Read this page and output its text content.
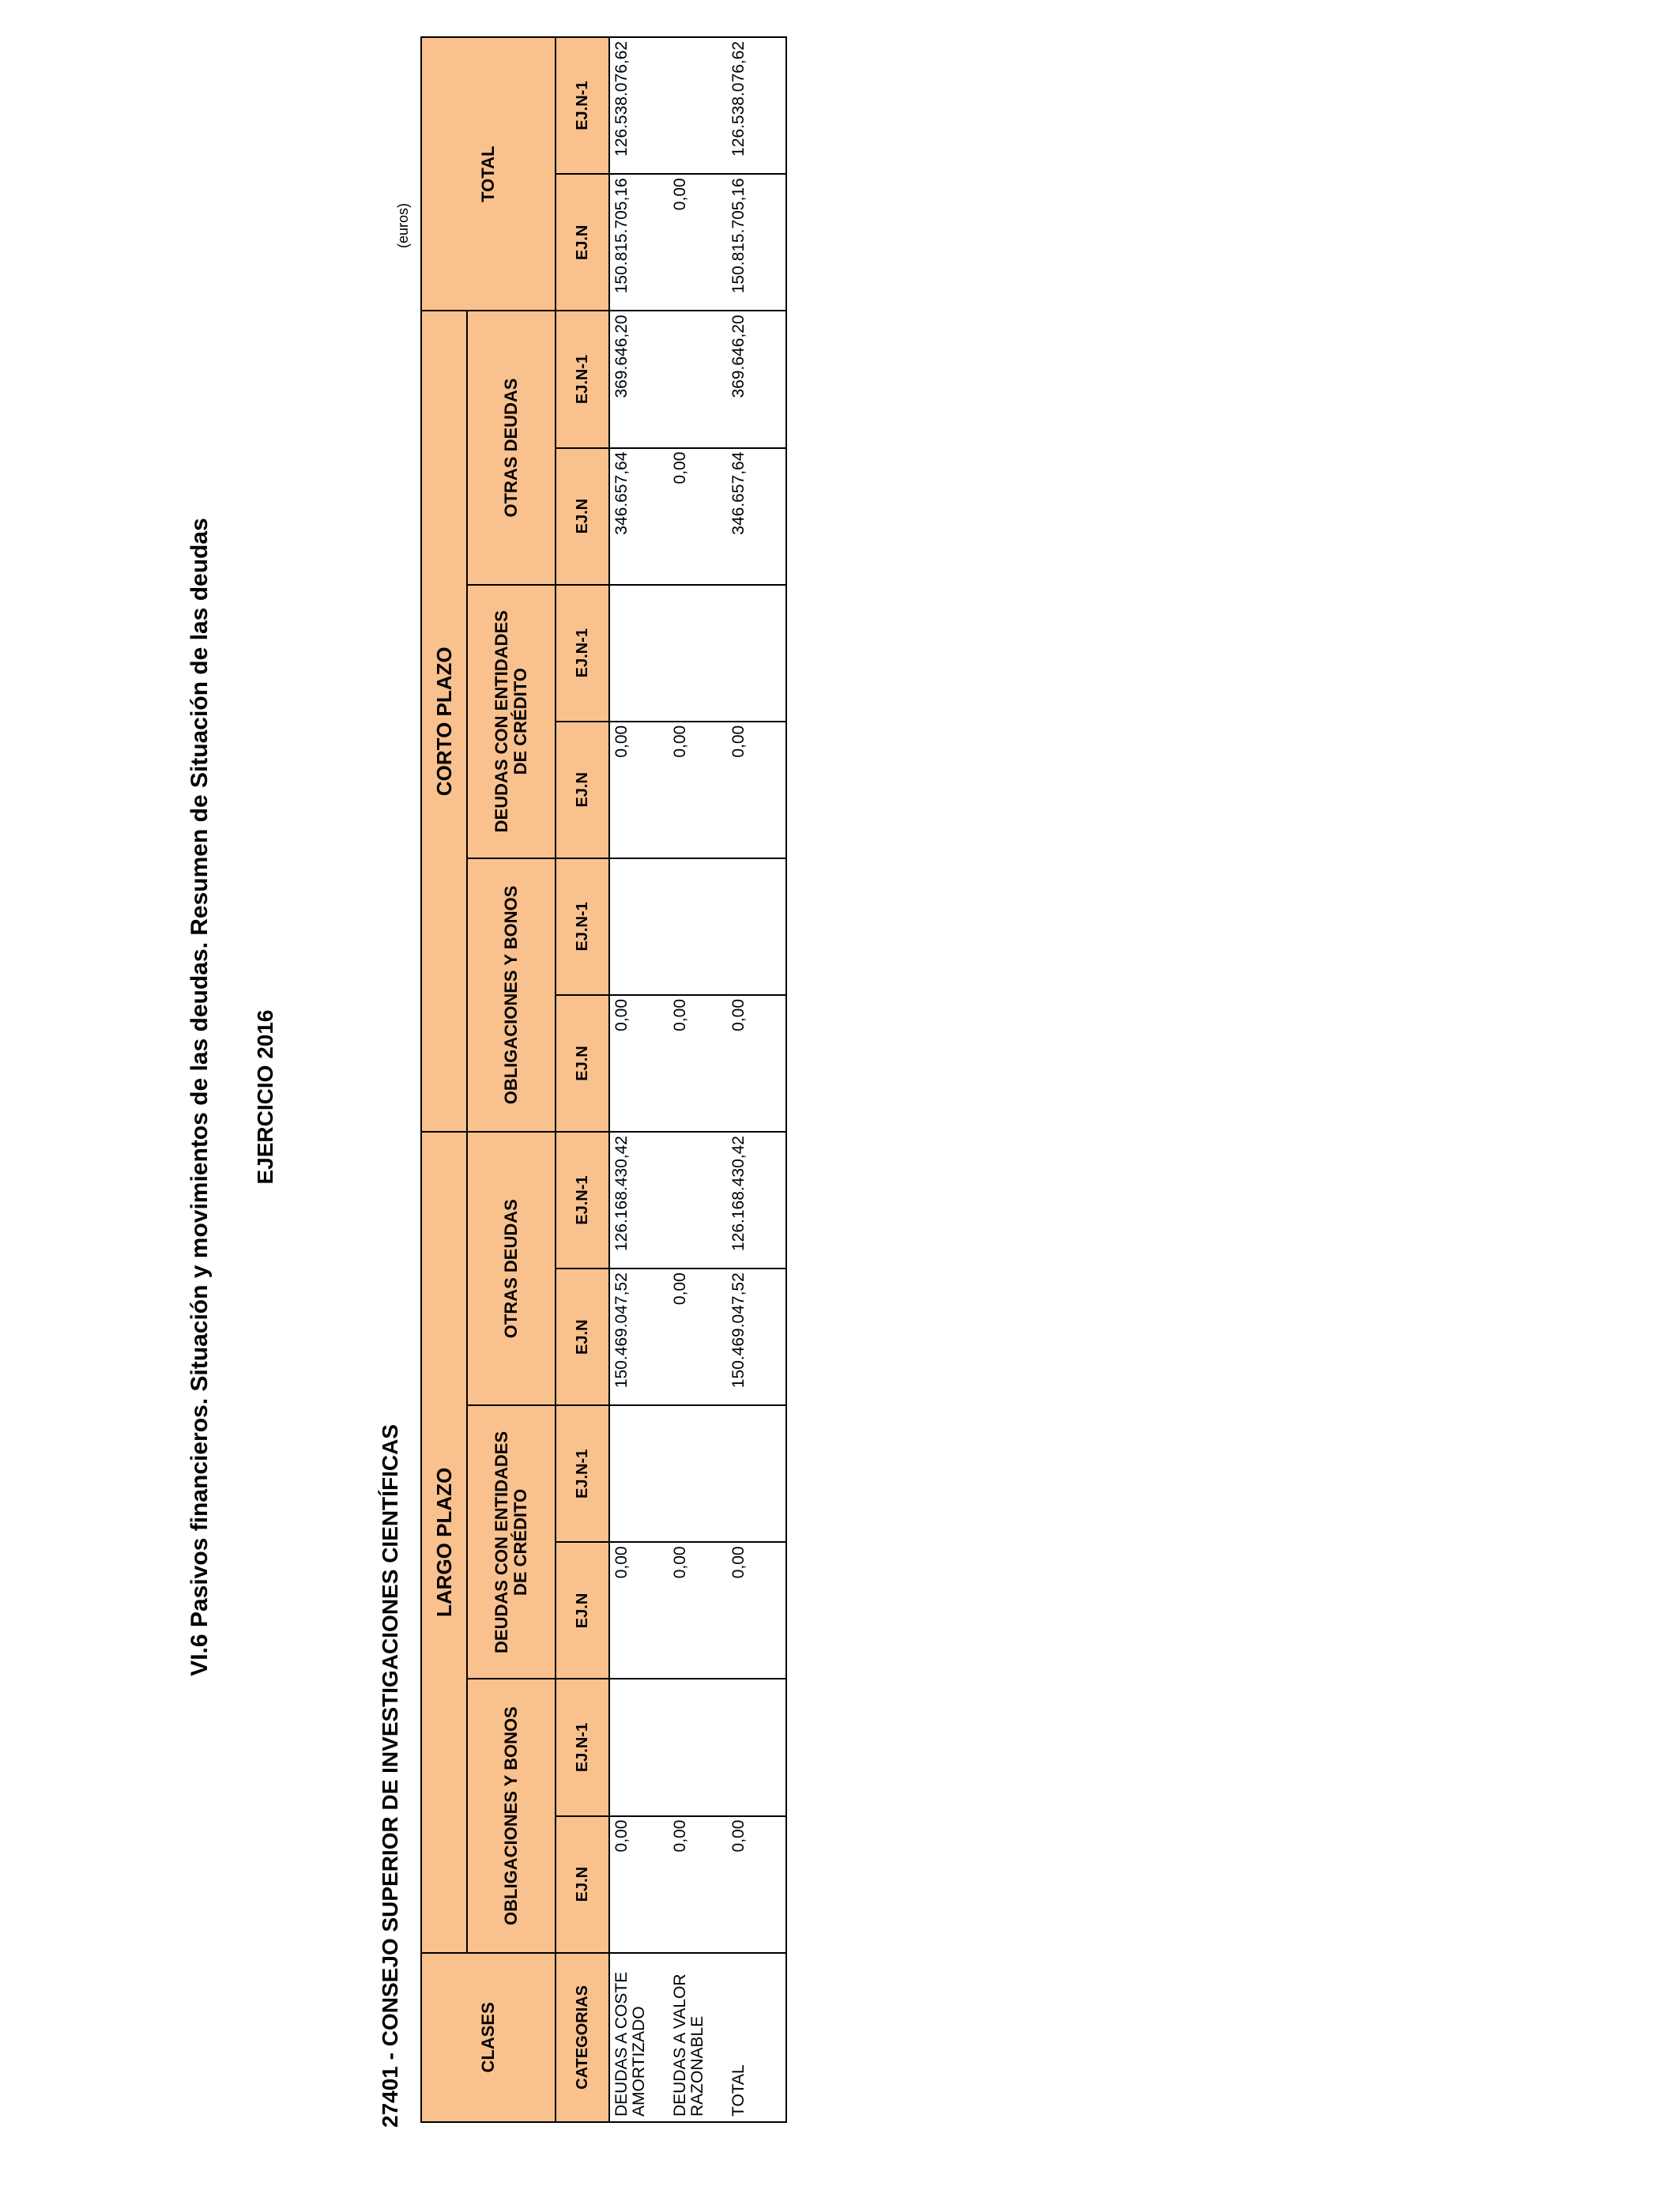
VI.6 Pasivos financieros. Situación y movimientos de las deudas. Resumen de Situación de las deudas EJERCICIO 2016
27401 - CONSEJO SUPERIOR DE INVESTIGACIONES CIENTÍFICAS
(euros)
CLASES	LARGO PLAZO						CORTO PLAZO						TOTAL	

	OBLIGACIONES Y BONOS		DEUDAS CON ENTIDADES DE CRÉDITO		OTRAS DEUDAS		OBLIGACIONES Y BONOS		DEUDAS CON ENTIDADES DE CRÉDITO		OTRAS DEUDAS			

CATEGORIAS	EJ.N	EJ.N-1	EJ.N	EJ.N-1	EJ.N	EJ.N-1	EJ.N	EJ.N-1	EJ.N	EJ.N-1	EJ.N	EJ.N-1	EJ.N	EJ.N-1
DEUDAS A COSTE AMORTIZADO	0,00		0,00		150.469.047,52	126.168.430,42	0,00		0,00		346.657,64	369.646,20	150.815.705,16	126.538.076,62
DEUDAS A VALOR RAZONABLE	0,00		0,00		0,00		0,00		0,00		0,00		0,00	
TOTAL	0,00		0,00		150.469.047,52	126.168.430,42	0,00		0,00		346.657,64	369.646,20	150.815.705,16	126.538.076,62
